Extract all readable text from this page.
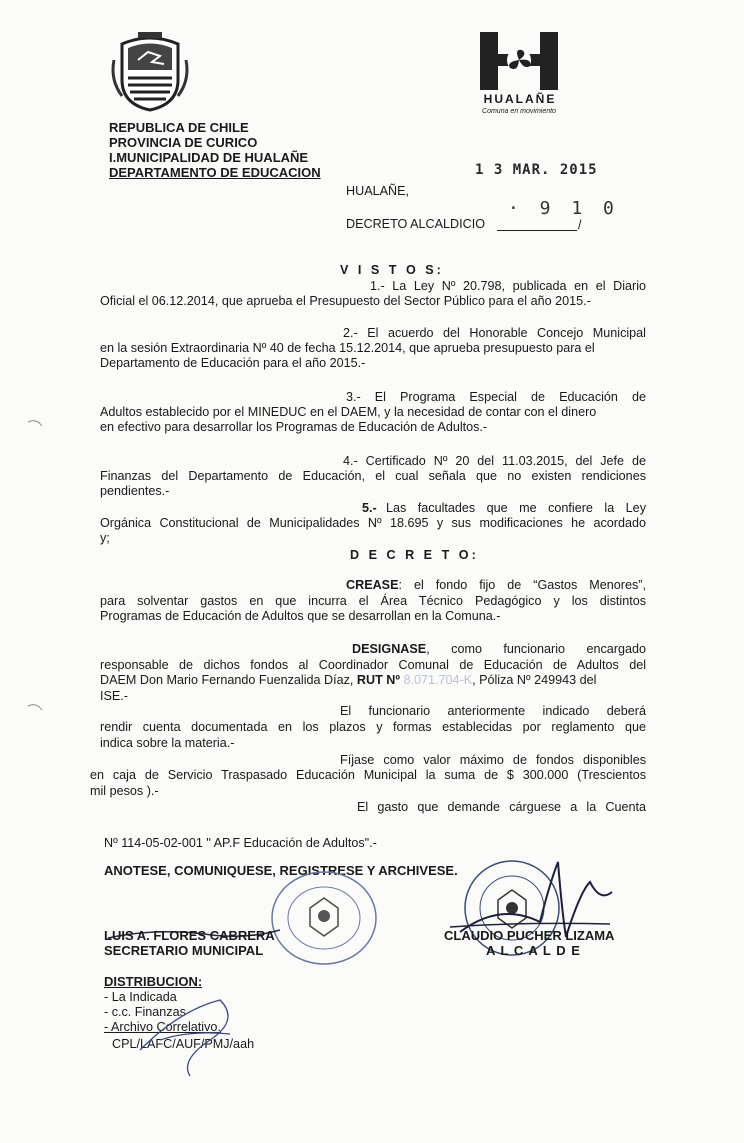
HUALAÑE
Comuna en movimiento
REPUBLICA DE CHILE
PROVINCIA DE CURICO
I.MUNICIPALIDAD DE HUALAÑE
DEPARTAMENTO DE EDUCACION	1 3 MAR. 2015
HUALAÑE,
DECRETO ALCALDICIO
· 9 1 0
/
V I S T O S:
1.- La Ley Nº 20.798, publicada en el Diario
Oficial el 06.12.2014, que aprueba el Presupuesto del Sector Público para el año 2015.-
2.- El acuerdo del Honorable Concejo Municipal
en la sesión Extraordinaria Nº 40 de fecha 15.12.2014, que aprueba presupuesto para el
Departamento de Educación para el año 2015.-
3.- El Programa Especial de Educación de
Adultos establecido por el MINEDUC en el DAEM, y la necesidad de contar con el dinero
en efectivo para desarrollar los Programas de Educación de Adultos.-
4.- Certificado Nº 20 del 11.03.2015, del Jefe de
Finanzas del Departamento de Educación, el cual señala que no existen rendiciones
pendientes.-
5.- Las facultades que me confiere la Ley
Orgánica Constitucional de Municipalidades Nº 18.695 y sus modificaciones he acordado
y;
D E C R E T O:
CREASE: el fondo fijo de “Gastos Menores”,
para solventar gastos en que incurra el Área Técnico Pedagógico y los distintos
Programas de Educación de Adultos que se desarrollan en la Comuna.-
DESIGNASE, como funcionario encargado
responsable de dichos fondos al Coordinador Comunal de Educación de Adultos del
DAEM Don Mario Fernando Fuenzalida Díaz, RUT Nº 8.071.704-K, Póliza Nº 249943 del
ISE.-
El funcionario anteriormente indicado deberá
rendir cuenta documentada en los plazos y formas establecidas por reglamento que
indica sobre la materia.-
Fíjase como valor máximo de fondos disponibles
en caja de Servicio Traspasado Educación Municipal la suma de $ 300.000 (Trescientos
mil pesos ).-
El gasto que demande cárguese a la Cuenta
Nº 114-05-02-001 " AP.F Educación de Adultos".-
ANOTESE, COMUNIQUESE, REGISTRESE Y ARCHIVESE.
LUIS A. FLORES CABRERA
SECRETARIO MUNICIPAL
CLAUDIO PUCHER LIZAMA
A L C A L D E
DISTRIBUCION:
- La Indicada
- c.c. Finanzas
- Archivo Correlativo.
CPL/LAFC/AUF/PMJ/aah
